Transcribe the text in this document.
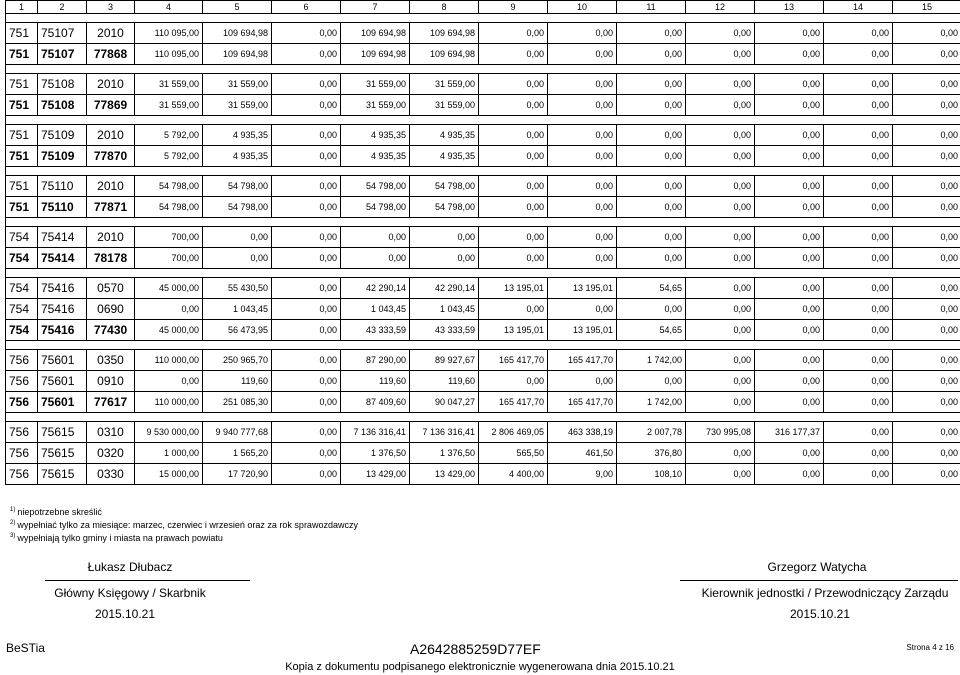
1	2	3	4	5	6	7	8	9	10	11	12	13	14	15

751	75107	2010	110 095,00	109 694,98	0,00	109 694,98	109 694,98	0,00	0,00	0,00	0,00	0,00	0,00	0,00
751	75107	77868	110 095,00	109 694,98	0,00	109 694,98	109 694,98	0,00	0,00	0,00	0,00	0,00	0,00	0,00

751	75108	2010	31 559,00	31 559,00	0,00	31 559,00	31 559,00	0,00	0,00	0,00	0,00	0,00	0,00	0,00
751	75108	77869	31 559,00	31 559,00	0,00	31 559,00	31 559,00	0,00	0,00	0,00	0,00	0,00	0,00	0,00

751	75109	2010	5 792,00	4 935,35	0,00	4 935,35	4 935,35	0,00	0,00	0,00	0,00	0,00	0,00	0,00
751	75109	77870	5 792,00	4 935,35	0,00	4 935,35	4 935,35	0,00	0,00	0,00	0,00	0,00	0,00	0,00

751	75110	2010	54 798,00	54 798,00	0,00	54 798,00	54 798,00	0,00	0,00	0,00	0,00	0,00	0,00	0,00
751	75110	77871	54 798,00	54 798,00	0,00	54 798,00	54 798,00	0,00	0,00	0,00	0,00	0,00	0,00	0,00

754	75414	2010	700,00	0,00	0,00	0,00	0,00	0,00	0,00	0,00	0,00	0,00	0,00	0,00
754	75414	78178	700,00	0,00	0,00	0,00	0,00	0,00	0,00	0,00	0,00	0,00	0,00	0,00

754	75416	0570	45 000,00	55 430,50	0,00	42 290,14	42 290,14	13 195,01	13 195,01	54,65	0,00	0,00	0,00	0,00
754	75416	0690	0,00	1 043,45	0,00	1 043,45	1 043,45	0,00	0,00	0,00	0,00	0,00	0,00	0,00
754	75416	77430	45 000,00	56 473,95	0,00	43 333,59	43 333,59	13 195,01	13 195,01	54,65	0,00	0,00	0,00	0,00

756	75601	0350	110 000,00	250 965,70	0,00	87 290,00	89 927,67	165 417,70	165 417,70	1 742,00	0,00	0,00	0,00	0,00
756	75601	0910	0,00	119,60	0,00	119,60	119,60	0,00	0,00	0,00	0,00	0,00	0,00	0,00
756	75601	77617	110 000,00	251 085,30	0,00	87 409,60	90 047,27	165 417,70	165 417,70	1 742,00	0,00	0,00	0,00	0,00

756	75615	0310	9 530 000,00	9 940 777,68	0,00	7 136 316,41	7 136 316,41	2 806 469,05	463 338,19	2 007,78	730 995,08	316 177,37	0,00	0,00
756	75615	0320	1 000,00	1 565,20	0,00	1 376,50	1 376,50	565,50	461,50	376,80	0,00	0,00	0,00	0,00
756	75615	0330	15 000,00	17 720,90	0,00	13 429,00	13 429,00	4 400,00	9,00	108,10	0,00	0,00	0,00	0,00
$^{1)}$ niepotrzebne skreślić
$^{2)}$ wypełniać tylko za miesiące: marzec, czerwiec i wrzesień oraz za rok sprawozdawczy
$^{3)}$ wypełniają tylko gminy i miasta na prawach powiatu
Łukasz Dłubacz
Główny Księgowy / Skarbnik
2015.10.21
Grzegorz Watycha
Kierownik jednostki / Przewodniczący Zarządu
2015.10.21
BeSTia	A2642885259D77EF	Strona 4 z 16
Kopia z dokumentu podpisanego elektronicznie wygenerowana dnia 2015.10.21
